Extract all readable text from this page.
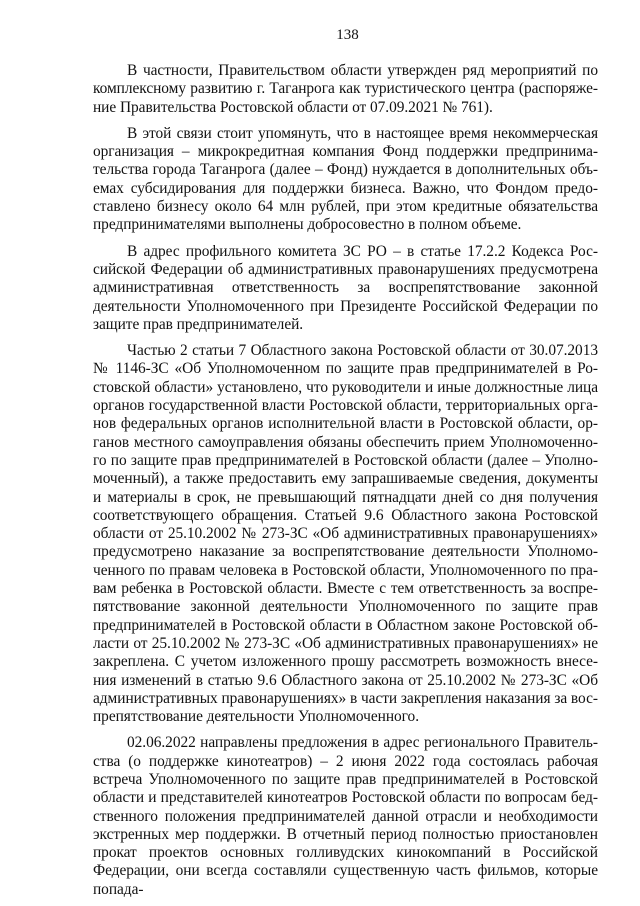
138

В частности, Правительством области утвержден ряд мероприятий по комплексному развитию г. Таганрога как туристического центра (распоряжение Правительства Ростовской области от 07.09.2021 № 761).

В этой связи стоит упомянуть, что в настоящее время некоммерческая организация – микрокредитная компания Фонд поддержки предпринимательства города Таганрога (далее – Фонд) нуждается в дополнительных объемах субсидирования для поддержки бизнеса. Важно, что Фондом предоставлено бизнесу около 64 млн рублей, при этом кредитные обязательства предпринимателями выполнены добросовестно в полном объеме.

В адрес профильного комитета ЗС РО – в статье 17.2.2 Кодекса Российской Федерации об административных правонарушениях предусмотрена административная ответственность за воспрепятствование законной деятельности Уполномоченного при Президенте Российской Федерации по защите прав предпринимателей.

Частью 2 статьи 7 Областного закона Ростовской области от 30.07.2013 № 1146-ЗС «Об Уполномоченном по защите прав предпринимателей в Ростовской области» установлено, что руководители и иные должностные лица органов государственной власти Ростовской области, территориальных органов федеральных органов исполнительной власти в Ростовской области, органов местного самоуправления обязаны обеспечить прием Уполномоченного по защите прав предпринимателей в Ростовской области (далее – Уполномоченный), а также предоставить ему запрашиваемые сведения, документы и материалы в срок, не превышающий пятнадцати дней со дня получения соответствующего обращения. Статьей 9.6 Областного закона Ростовской области от 25.10.2002 № 273-ЗС «Об административных правонарушениях» предусмотрено наказание за воспрепятствование деятельности Уполномоченного по правам человека в Ростовской области, Уполномоченного по правам ребенка в Ростовской области. Вместе с тем ответственность за воспрепятствование законной деятельности Уполномоченного по защите прав предпринимателей в Ростовской области в Областном законе Ростовской области от 25.10.2002 № 273-ЗС «Об административных правонарушениях» не закреплена. С учетом изложенного прошу рассмотреть возможность внесения изменений в статью 9.6 Областного закона от 25.10.2002 № 273-ЗС «Об административных правонарушениях» в части закрепления наказания за воспрепятствование деятельности Уполномоченного.

02.06.2022 направлены предложения в адрес регионального Правительства (о поддержке кинотеатров) – 2 июня 2022 года состоялась рабочая встреча Уполномоченного по защите прав предпринимателей в Ростовской области и представителей кинотеатров Ростовской области по вопросам бедственного положения предпринимателей данной отрасли и необходимости экстренных мер поддержки. В отчетный период полностью приостановлен прокат проектов основных голливудских кинокомпаний в Российской Федерации, они всегда составляли существенную часть фильмов, которые попада-
